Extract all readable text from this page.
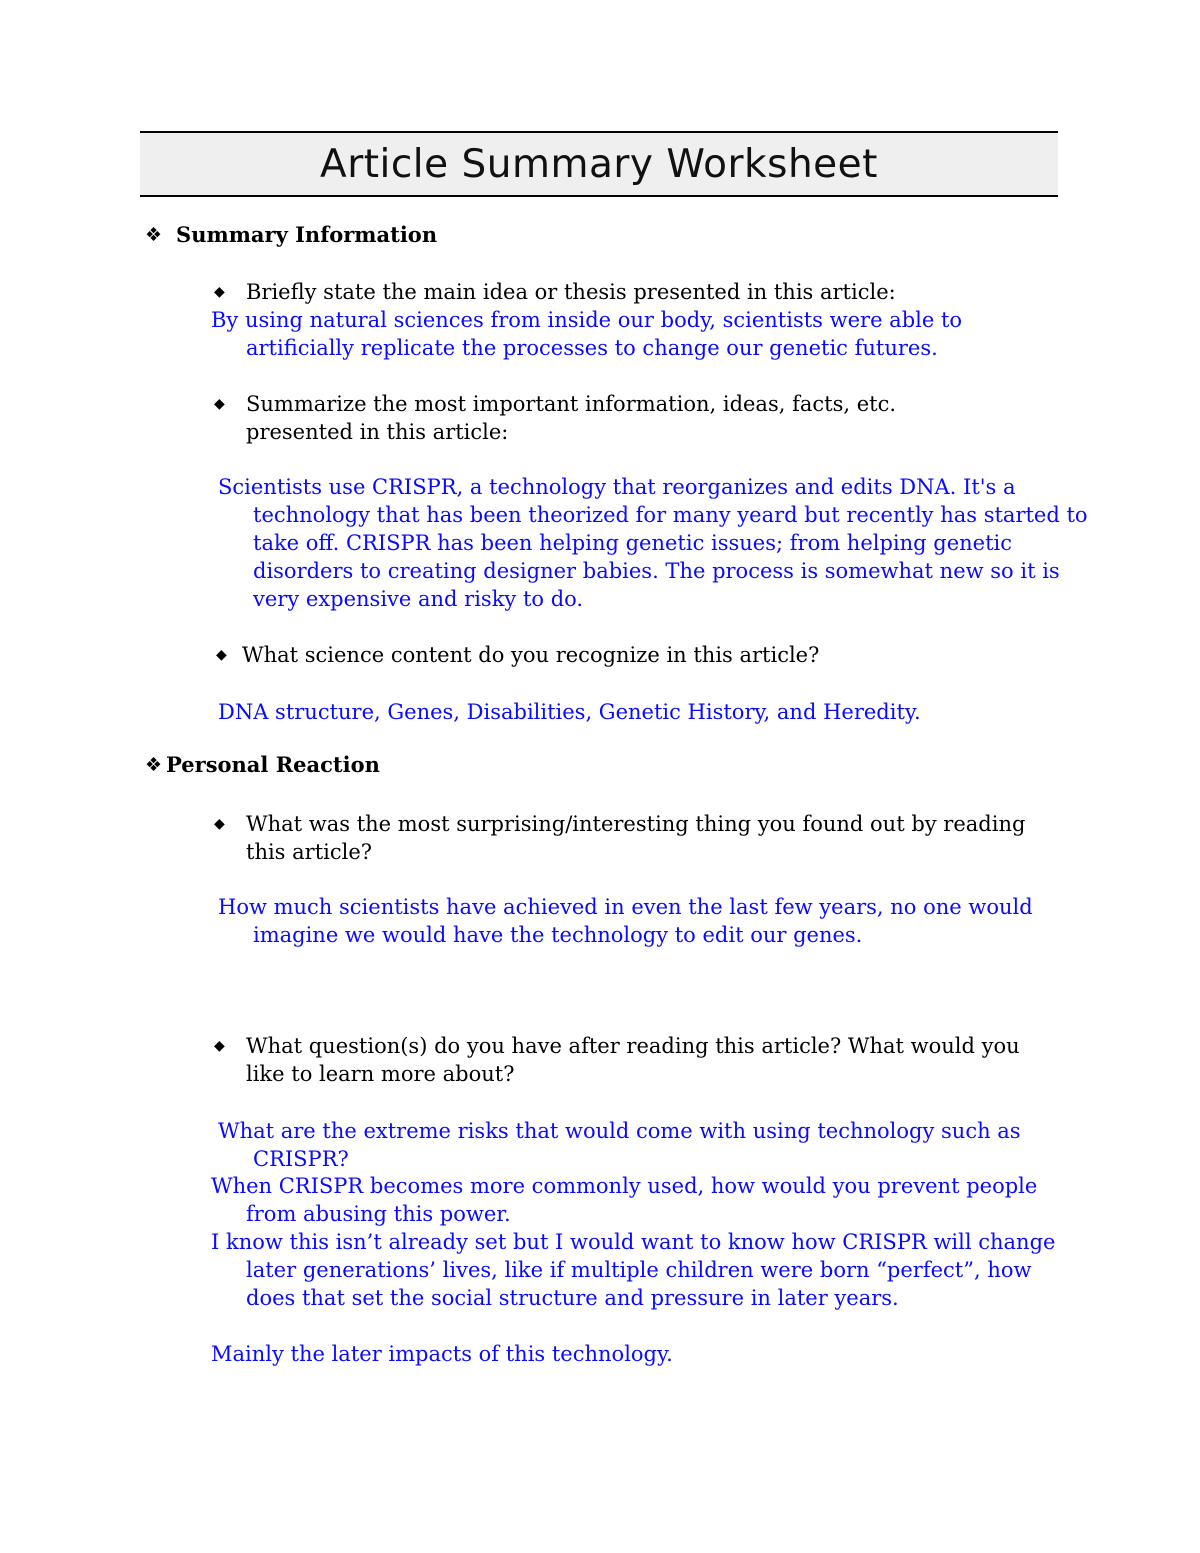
Article Summary Worksheet
❖ Summary Information
◆ Briefly state the main idea or thesis presented in this article:
By using natural sciences from inside our body, scientists were able to artificially replicate the processes to change our genetic futures.
◆ Summarize the most important information, ideas, facts, etc. presented in this article:
Scientists use CRISPR, a technology that reorganizes and edits DNA. It's a technology that has been theorized for many yeard but recently has started to take off. CRISPR has been helping genetic issues; from helping genetic disorders to creating designer babies. The process is somewhat new so it is very expensive and risky to do.
◆ What science content do you recognize in this article?
DNA structure, Genes, Disabilities, Genetic History, and Heredity.
❖ Personal Reaction
◆ What was the most surprising/interesting thing you found out by reading this article?
How much scientists have achieved in even the last few years, no one would imagine we would have the technology to edit our genes.
◆ What question(s) do you have after reading this article? What would you like to learn more about?
What are the extreme risks that would come with using technology such as CRISPR?
When CRISPR becomes more commonly used, how would you prevent people from abusing this power.
I know this isn’t already set but I would want to know how CRISPR will change later generations’ lives, like if multiple children were born “perfect”, how does that set the social structure and pressure in later years.
Mainly the later impacts of this technology.
